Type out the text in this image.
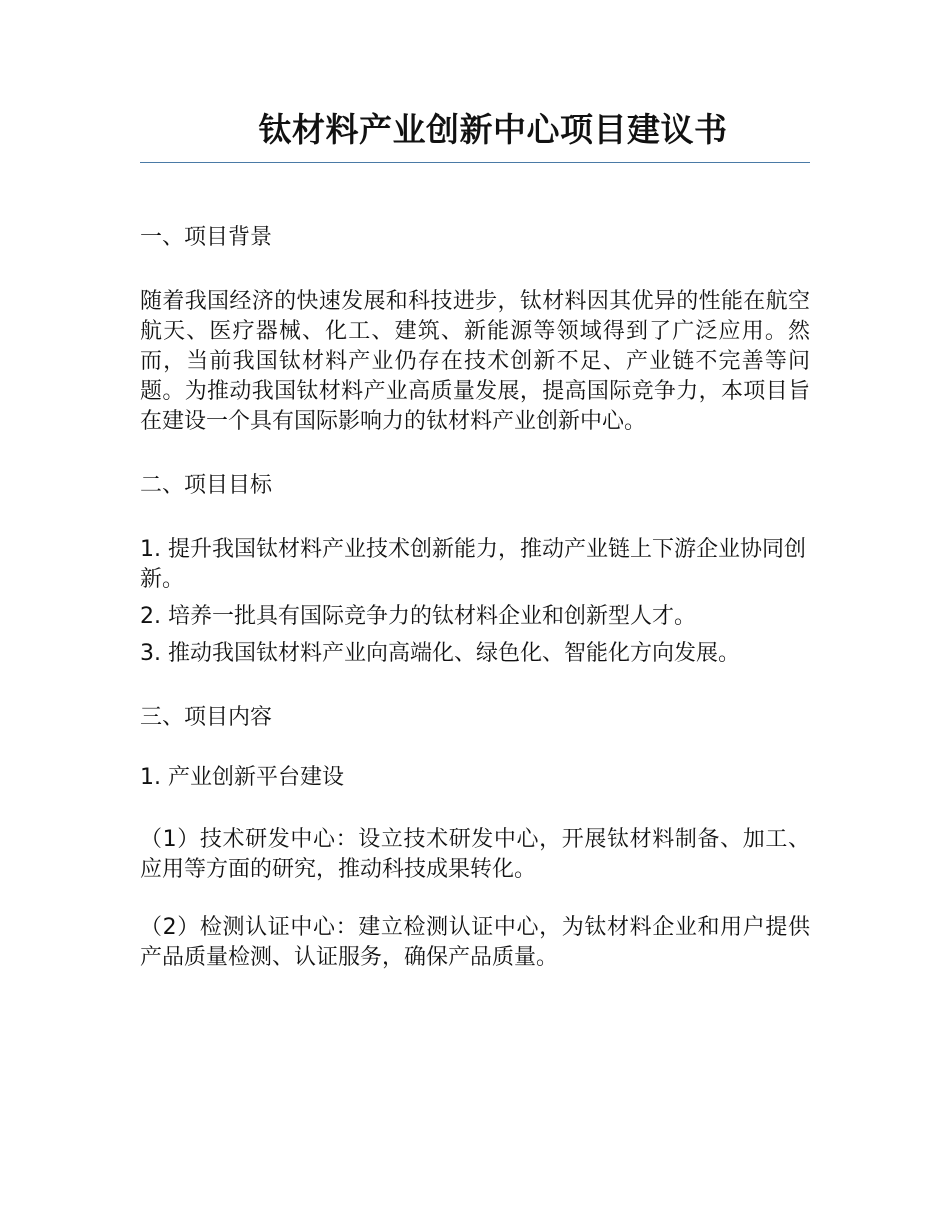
钛材料产业创新中心项目建议书
一、项目背景

随着我国经济的快速发展和科技进步，钛材料因其优异的性能在航空航天、医疗器械、化工、建筑、新能源等领域得到了广泛应用。然而，当前我国钛材料产业仍存在技术创新不足、产业链不完善等问题。为推动我国钛材料产业高质量发展，提高国际竞争力，本项目旨在建设一个具有国际影响力的钛材料产业创新中心。

二、项目目标

1. 提升我国钛材料产业技术创新能力，推动产业链上下游企业协同创新。

2. 培养一批具有国际竞争力的钛材料企业和创新型人才。

3. 推动我国钛材料产业向高端化、绿色化、智能化方向发展。

三、项目内容

1. 产业创新平台建设

（1）技术研发中心：设立技术研发中心，开展钛材料制备、加工、应用等方面的研究，推动科技成果转化。

（2）检测认证中心：建立检测认证中心，为钛材料企业和用户提供产品质量检测、认证服务，确保产品质量。
